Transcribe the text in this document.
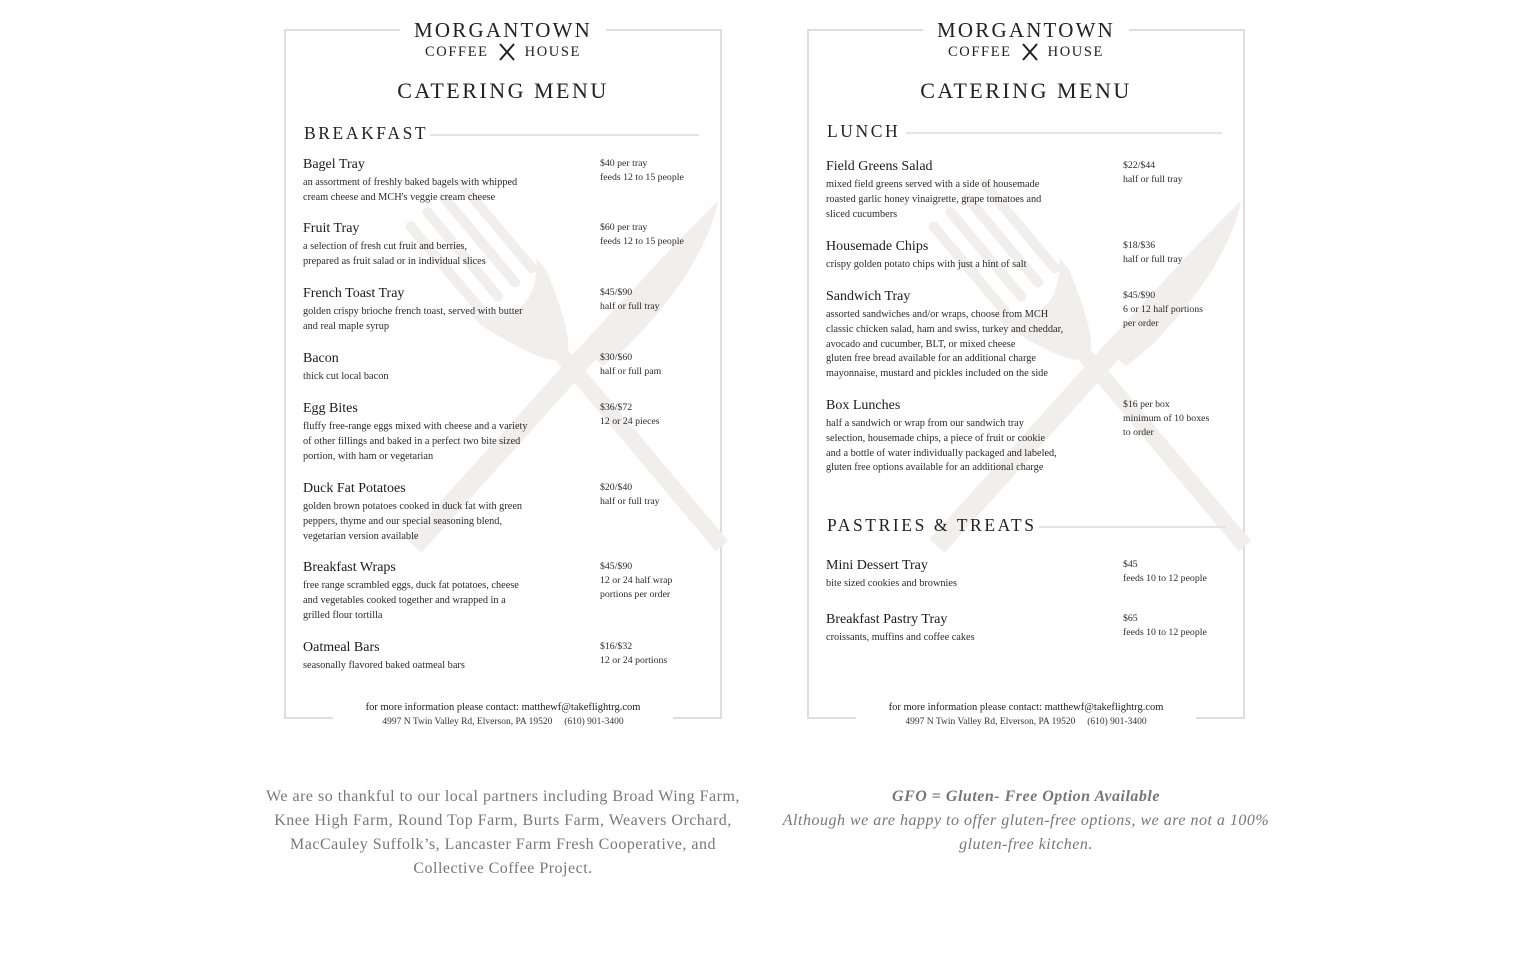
MORGANTOWN
COFFEE HOUSE
CATERING MENU
BREAKFAST
Bagel Tray
an assortment of freshly baked bagels with whipped
cream cheese and MCH's veggie cream cheese
$40 per tray
feeds 12 to 15 people
Fruit Tray
a selection of fresh cut fruit and berries,
prepared as fruit salad or in individual slices
$60 per tray
feeds 12 to 15 people
French Toast Tray
golden crispy brioche french toast, served with butter
and real maple syrup
$45/$90
half or full tray
Bacon
thick cut local bacon
$30/$60
half or full pam
Egg Bites
fluffy free-range eggs mixed with cheese and a variety
of other fillings and baked in a perfect two bite sized
portion, with ham or vegetarian
$36/$72
12 or 24 pieces
Duck Fat Potatoes
golden brown potatoes cooked in duck fat with green
peppers, thyme and our special seasoning blend,
vegetarian version available
$20/$40
half or full tray
Breakfast Wraps
free range scrambled eggs, duck fat potatoes, cheese
and vegetables cooked together and wrapped in a
grilled flour tortilla
$45/$90
12 or 24 half wrap
portions per order
Oatmeal Bars
seasonally flavored baked oatmeal bars
$16/$32
12 or 24 portions
for more information please contact: matthewf@takeflightrg.com
4997 N Twin Valley Rd, Elverson, PA 19520     (610) 901-3400
MORGANTOWN
COFFEE HOUSE
CATERING MENU
LUNCH
Field Greens Salad
mixed field greens served with a side of housemade
roasted garlic honey vinaigrette, grape tomatoes and
sliced cucumbers
$22/$44
half or full tray
Housemade Chips
crispy golden potato chips with just a hint of salt
$18/$36
half or full tray
Sandwich Tray
assorted sandwiches and/or wraps, choose from MCH
classic chicken salad, ham and swiss, turkey and cheddar,
avocado and cucumber, BLT, or mixed cheese
gluten free bread available for an additional charge
mayonnaise, mustard and pickles included on the side
$45/$90
6 or 12 half portions
per order
Box Lunches
half a sandwich or wrap from our sandwich tray
selection, housemade chips, a piece of fruit or cookie
and a bottle of water individually packaged and labeled,
gluten free options available for an additional charge
$16 per box
minimum of 10 boxes
to order
PASTRIES & TREATS
Mini Dessert Tray
bite sized cookies and brownies
$45
feeds 10 to 12 people
Breakfast Pastry Tray
croissants, muffins and coffee cakes
$65
feeds 10 to 12 people
for more information please contact: matthewf@takeflightrg.com
4997 N Twin Valley Rd, Elverson, PA 19520     (610) 901-3400
We are so thankful to our local partners including Broad Wing Farm, Knee High Farm, Round Top Farm, Burts Farm, Weavers Orchard, MacCauley Suffolk’s, Lancaster Farm Fresh Cooperative, and Collective Coffee Project.
GFO = Gluten- Free Option Available
Although we are happy to offer gluten-free options, we are not a 100% gluten-free kitchen.
